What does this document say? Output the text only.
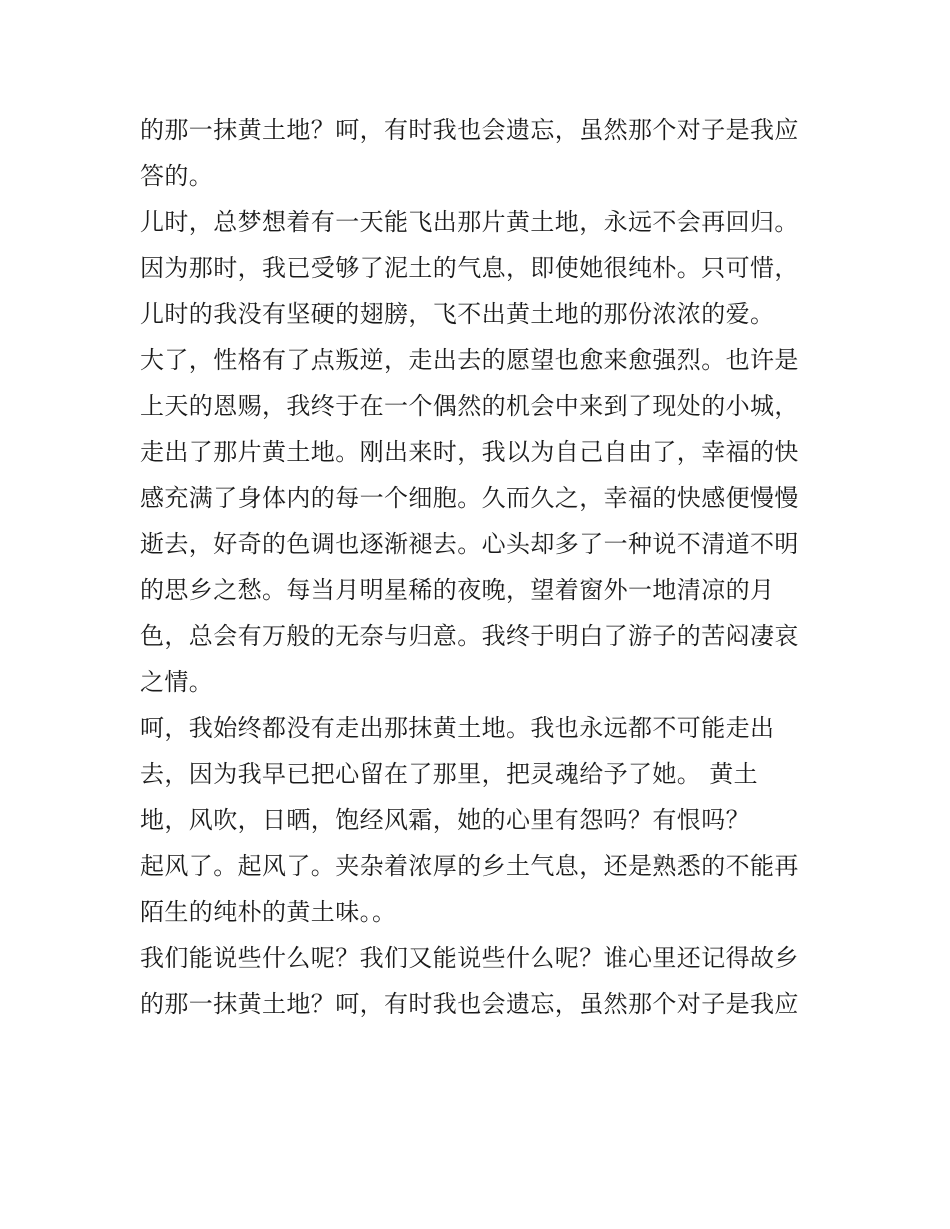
的那一抹黄土地？呵，有时我也会遗忘，虽然那个对子是我应
答的。
儿时，总梦想着有一天能飞出那片黄土地，永远不会再回归。
因为那时，我已受够了泥土的气息，即使她很纯朴。只可惜，
儿时的我没有坚硬的翅膀，飞不出黄土地的那份浓浓的爱。
大了，性格有了点叛逆，走出去的愿望也愈来愈强烈。也许是
上天的恩赐，我终于在一个偶然的机会中来到了现处的小城，
走出了那片黄土地。刚出来时，我以为自己自由了，幸福的快
感充满了身体内的每一个细胞。久而久之，幸福的快感便慢慢
逝去，好奇的色调也逐渐褪去。心头却多了一种说不清道不明
的思乡之愁。每当月明星稀的夜晚，望着窗外一地清凉的月
色，总会有万般的无奈与归意。我终于明白了游子的苦闷凄哀
之情。
呵，我始终都没有走出那抹黄土地。我也永远都不可能走出
去，因为我早已把心留在了那里，把灵魂给予了她。 黄土
地，风吹，日晒，饱经风霜，她的心里有怨吗？有恨吗？
起风了。起风了。夹杂着浓厚的乡土气息，还是熟悉的不能再
陌生的纯朴的黄土味。。
我们能说些什么呢？我们又能说些什么呢？谁心里还记得故乡
的那一抹黄土地？呵，有时我也会遗忘，虽然那个对子是我应
